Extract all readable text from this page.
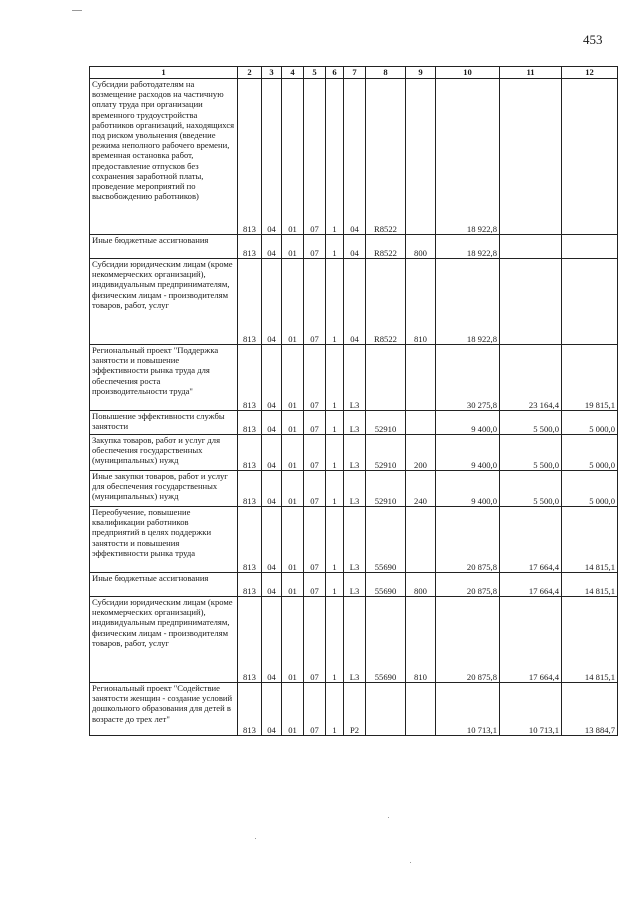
453
1	2	3	4	5	6	7	8	9	10	11	12
Субсидии работодателям на возмещение расходов на частичную оплату труда при организации временного трудоустройства работников организаций, находящихся под риском увольнения (введение режима неполного рабочего времени, временная остановка работ, предоставление отпусков без сохранения заработной платы, проведение мероприятий по высвобождению работников)	813	04	01	07	1	04	R8522		18 922,8		
Иные бюджетные ассигнования	813	04	01	07	1	04	R8522	800	18 922,8		
Субсидии юридическим лицам (кроме некоммерческих организаций), индивидуальным предпринимателям, физическим лицам - производителям товаров, работ, услуг	813	04	01	07	1	04	R8522	810	18 922,8		
Региональный проект "Поддержка занятости и повышение эффективности рынка труда для обеспечения роста производительности труда"	813	04	01	07	1	L3			30 275,8	23 164,4	19 815,1
Повышение эффективности службы занятости	813	04	01	07	1	L3	52910		9 400,0	5 500,0	5 000,0
Закупка товаров, работ и услуг для обеспечения государственных (муниципальных) нужд	813	04	01	07	1	L3	52910	200	9 400,0	5 500,0	5 000,0
Иные закупки товаров, работ и услуг для обеспечения государственных (муниципальных) нужд	813	04	01	07	1	L3	52910	240	9 400,0	5 500,0	5 000,0
Переобучение, повышение квалификации работников предприятий в целях поддержки занятости и повышения эффективности рынка труда	813	04	01	07	1	L3	55690		20 875,8	17 664,4	14 815,1
Иные бюджетные ассигнования	813	04	01	07	1	L3	55690	800	20 875,8	17 664,4	14 815,1
Субсидии юридическим лицам (кроме некоммерческих организаций), индивидуальным предпринимателям, физическим лицам - производителям товаров, работ, услуг	813	04	01	07	1	L3	55690	810	20 875,8	17 664,4	14 815,1
Региональный проект "Содействие занятости женщин - создание условий дошкольного образования для детей в возрасте до трех лет"	813	04	01	07	1	P2			10 713,1	10 713,1	13 884,7
